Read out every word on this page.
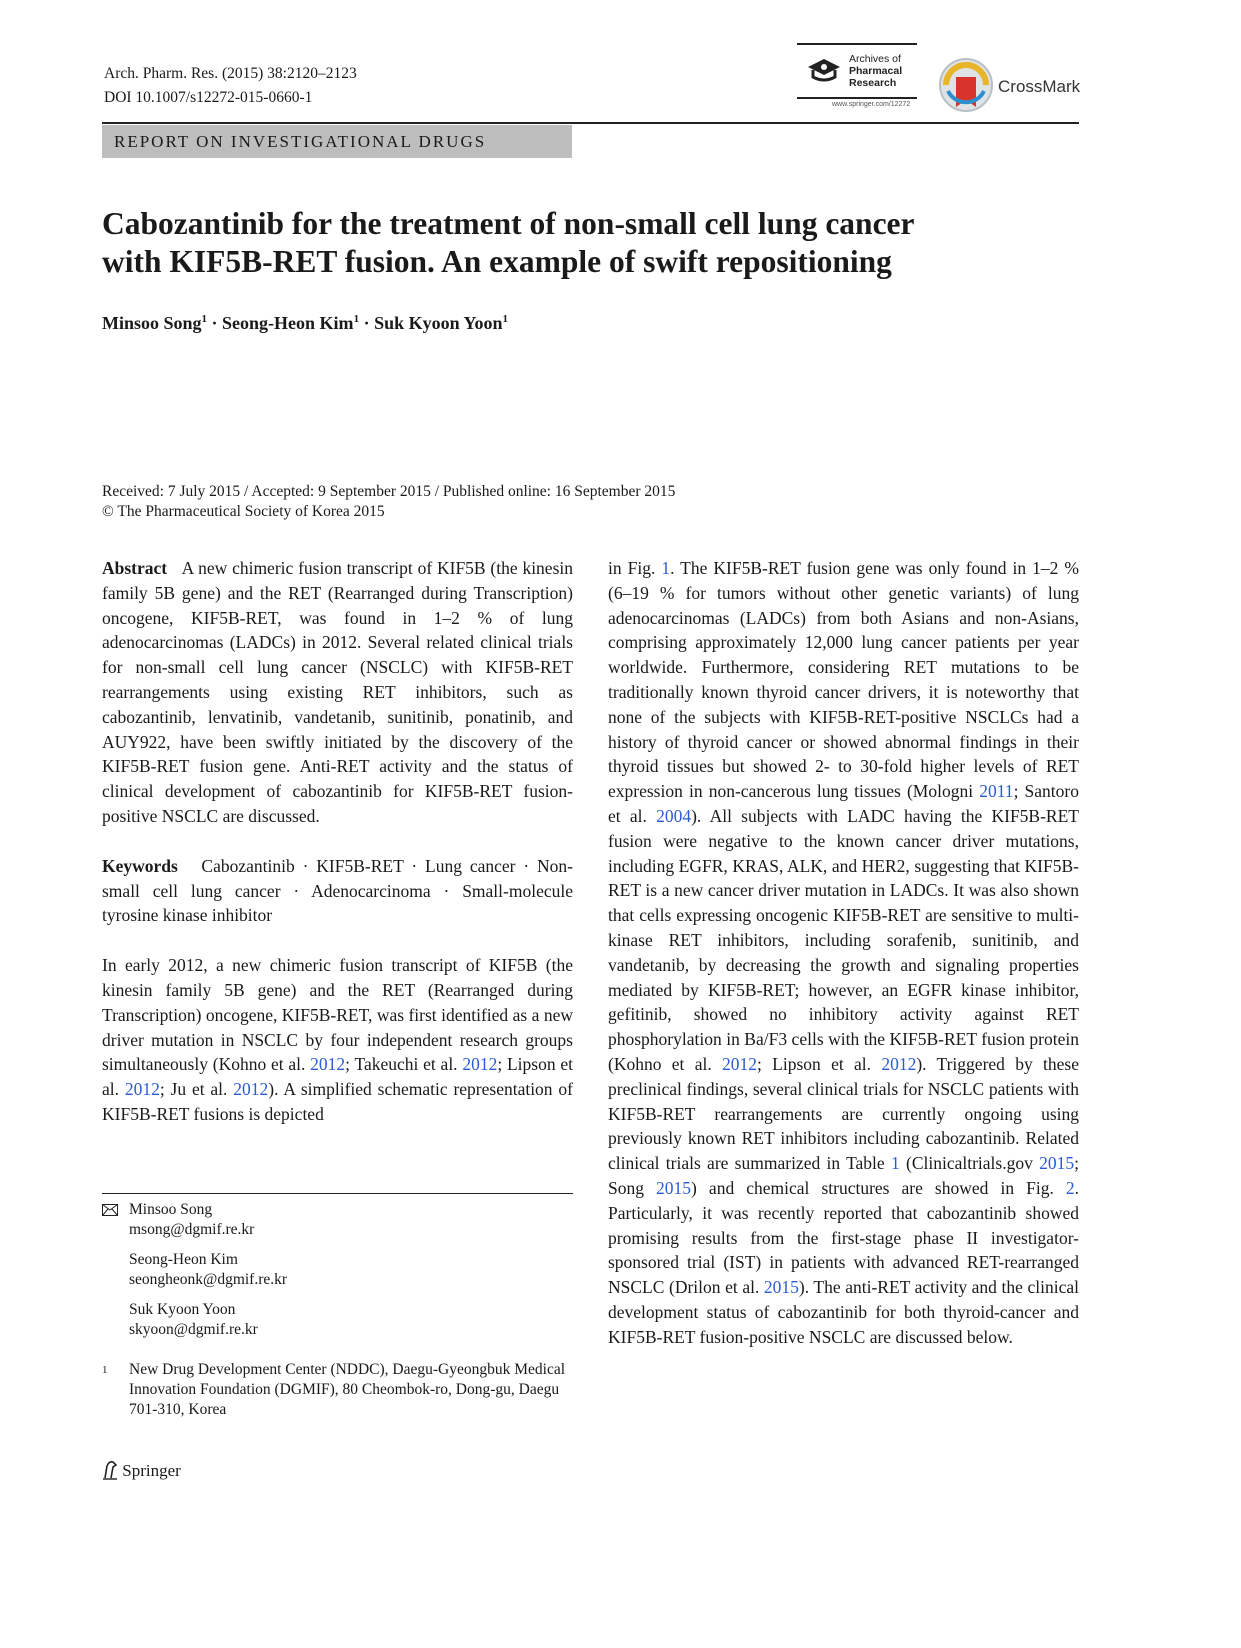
Arch. Pharm. Res. (2015) 38:2120–2123
DOI 10.1007/s12272-015-0660-1
Archives of
Pharmacal
Research
www.springer.com/12272
CrossMark
REPORT ON INVESTIGATIONAL DRUGS
Cabozantinib for the treatment of non-small cell lung cancer
with KIF5B-RET fusion. An example of swift repositioning
Minsoo Song$^1$ · Seong-Heon Kim$^1$ · Suk Kyoon Yoon$^1$
Received: 7 July 2015 / Accepted: 9 September 2015 / Published online: 16 September 2015
© The Pharmaceutical Society of Korea 2015

Abstract A new chimeric fusion transcript of KIF5B (the kinesin family 5B gene) and the RET (Rearranged during Transcription) oncogene, KIF5B-RET, was found in 1–2 % of lung adenocarcinomas (LADCs) in 2012. Several related clinical trials for non-small cell lung cancer (NSCLC) with KIF5B-RET rearrangements using existing RET inhibitors, such as cabozantinib, lenvatinib, vandetanib, sunitinib, ponatinib, and AUY922, have been swiftly initiated by the discovery of the KIF5B-RET fusion gene. Anti-RET activity and the status of clinical development of cabozantinib for KIF5B-RET fusion-positive NSCLC are discussed.

Keywords Cabozantinib · KIF5B-RET · Lung cancer · Non-small cell lung cancer · Adenocarcinoma · Small-molecule tyrosine kinase inhibitor

In early 2012, a new chimeric fusion transcript of KIF5B (the kinesin family 5B gene) and the RET (Rearranged during Transcription) oncogene, KIF5B-RET, was first identified as a new driver mutation in NSCLC by four independent research groups simultaneously (Kohno et al. 2012; Takeuchi et al. 2012; Lipson et al. 2012; Ju et al. 2012). A simplified schematic representation of KIF5B-RET fusions is depicted

in Fig. 1. The KIF5B-RET fusion gene was only found in 1–2 % (6–19 % for tumors without other genetic variants) of lung adenocarcinomas (LADCs) from both Asians and non-Asians, comprising approximately 12,000 lung cancer patients per year worldwide. Furthermore, considering RET mutations to be traditionally known thyroid cancer drivers, it is noteworthy that none of the subjects with KIF5B-RET-positive NSCLCs had a history of thyroid cancer or showed abnormal findings in their thyroid tissues but showed 2- to 30-fold higher levels of RET expression in non-cancerous lung tissues (Mologni 2011; Santoro et al. 2004). All subjects with LADC having the KIF5B-RET fusion were negative to the known cancer driver mutations, including EGFR, KRAS, ALK, and HER2, suggesting that KIF5B-RET is a new cancer driver mutation in LADCs. It was also shown that cells expressing oncogenic KIF5B-RET are sensitive to multi-kinase RET inhibitors, including sorafenib, sunitinib, and vandetanib, by decreasing the growth and signaling properties mediated by KIF5B-RET; however, an EGFR kinase inhibitor, gefitinib, showed no inhibitory activity against RET phosphorylation in Ba/F3 cells with the KIF5B-RET fusion protein (Kohno et al. 2012; Lipson et al. 2012). Triggered by these preclinical findings, several clinical trials for NSCLC patients with KIF5B-RET rearrangements are currently ongoing using previously known RET inhibitors including cabozantinib. Related clinical trials are summarized in Table 1 (Clinicaltrials.gov 2015; Song 2015) and chemical structures are showed in Fig. 2. Particularly, it was recently reported that cabozantinib showed promising results from the first-stage phase II investigator-sponsored trial (IST) in patients with advanced RET-rearranged NSCLC (Drilon et al. 2015). The anti-RET activity and the clinical development status of cabozantinib for both thyroid-cancer and KIF5B-RET fusion-positive NSCLC are discussed below.

Minsoo Song
msong@dgmif.re.kr
Seong-Heon Kim
seongheonk@dgmif.re.kr
Suk Kyoon Yoon
skyoon@dgmif.re.kr
1 New Drug Development Center (NDDC), Daegu-Gyeongbuk Medical Innovation Foundation (DGMIF), 80 Cheombok-ro, Dong-gu, Daegu 701-310, Korea
Springer
